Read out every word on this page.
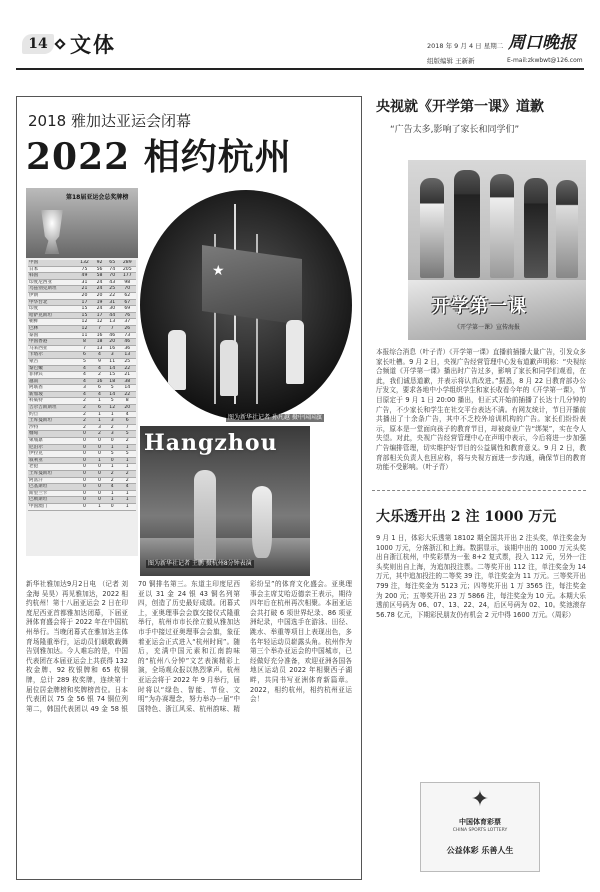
14 文体	2018 年 9 月 4 日 星期二 周口晚报
组版编辑 王新新	E-mail:zkwbwt@126.com
2018 雅加达亚运会闭幕
2022 相约杭州
第18届亚运会总奖牌榜
中国	132	92	65	289
日本	75	56	74	205
韩国	49	58	70	177
印度尼西亚	31	24	43	98
乌兹别克斯坦	21	24	25	70
伊朗	20	20	22	62
中华台北	17	19	31	67
印度	15	24	30	69
哈萨克斯坦	15	17	44	76
朝鲜	12	12	13	37
巴林	12	7	7	26
泰国	11	16	46	73
中国香港	8	18	20	46
马来西亚	7	13	16	36
卡塔尔	6	4	3	13
蒙古	5	9	11	25
黎巴嫩	4	4	14	22
菲律宾	4	2	15	21
越南	4	16	18	38
阿联酋	3	6	5	14
新加坡	4	4	14	22
科威特	2	1	5	8
吉尔吉斯斯坦	2	6	12	20
约旦	2	1	1	4
土库曼斯坦	2	1	3	6
沙特	2	3	2	7
缅甸	0	2	3	5
柬埔寨	0	0	0	2
尼泊尔	0	0	1	1
伊拉克	0	0	5	5
叙利亚	0	1	0	1
老挝	0	0	1	1
土库曼斯坦	0	0	2	2
阿富汗	0	0	2	2
巴基斯坦	0	0	4	4
斯里兰卡	0	0	1	1
巴勒斯坦	0	0	1	1
中国澳门	0	1	0	1
★
图为新华社记者 孙凡越 摄中国国旗
Hangzhou
图为新华社记者 王鹏 摄杭州8分钟表演
新华社雅加达9月2日电 （记者 刘金海 吴昊）再见雅加达，2022 相约杭州！第十八届亚运会 2 日在印度尼西亚首都雅加达闭幕，下届亚洲体育盛会将于 2022 年在中国杭州举行。当晚闭幕式在雅加达主体育场隆重举行，运动员们载歌载舞告别雅加达。今人难忘的是，中国代表团在本届亚运会上共获得 132 枚金牌、92 枚银牌和 65 枚铜牌，总计 289 枚奖牌，连续第十届位居金牌榜和奖牌榜首位。日本代表团以 75 金 56 银 74 铜位列第二，韩国代表团以 49 金 58 银 70 铜排名第三。东道主印度尼西亚以 31 金 24 银 43 铜名列第四，创造了历史最好成绩。闭幕式上，亚奥理事会会旗交接仪式隆重举行，杭州市市长徐立毅从雅加达市手中接过亚奥理事会会旗，象征着亚运会正式进入“杭州时间”。随后，充满中国元素和江南韵味的“杭州八分钟”文艺表演精彩上演，全场观众报以热烈掌声。杭州亚运会将于 2022 年 9 月举行，届时将以“绿色、智能、节俭、文明”为办赛理念，努力举办一届“中国特色、浙江风采、杭州韵味、精彩纷呈”的体育文化盛会。亚奥理事会主席艾哈迈德亲王表示，期待四年后在杭州再次相聚。本届亚运会共打破 6 项世界纪录、86 项亚洲纪录，中国选手在游泳、田径、跳水、举重等项目上表现出色，多名年轻运动员崭露头角。杭州作为第三个举办亚运会的中国城市，已经做好充分准备，欢迎亚洲各国各地区运动员 2022 年相聚西子湖畔，共同书写亚洲体育新篇章。2022，相约杭州，相约杭州亚运会！
央视就《开学第一课》道歉
“广告太多,影响了家长和同学们”
开学第一课
《开学第一课》宣传海报
本报综合消息（叶子青）《开学第一课》直播前插播大量广告，引发众多家长吐槽。9 月 2 日，央视广告经营管理中心发布道歉声明称：“央视综合频道《开学第一课》播出时广告过多，影响了家长和同学们观看，在此，我们诚恳道歉，并表示将认真改进。”据悉，8 月 22 日教育部办公厅发文，要求各地中小学组织学生和家长收看今年的《开学第一课》，节目原定于 9 月 1 日 20:00 播出，但正式开始前插播了长达十几分钟的广告，不少家长和学生在社交平台表达不满。有网友统计，节目开播前共播出了十余条广告，其中不乏校外培训机构的广告。家长们纷纷表示，原本是一堂面向孩子的教育节目，却被商业广告“绑架”，实在令人失望。对此，央视广告经营管理中心在声明中表示，今后将进一步加强广告编排管理，切实维护好节目的公益属性和教育意义。9 月 2 日，教育部相关负责人也回应称，将与央视方面进一步沟通，确保节目的教育功能不受影响。（叶子青）
大乐透开出 2 注 1000 万元
9 月 1 日，体彩大乐透第 18102 期全国共开出 2 注头奖，单注奖金为 1000 万元，分落浙江和上海。数据显示，该期中出的 1000 万元头奖出自浙江杭州，中奖彩票为一张 8+2 复式票，投入 112 元，另外一注头奖则出自上海，为追加投注票。二等奖开出 112 注，单注奖金为 14 万元，其中追加投注的二等奖 39 注，单注奖金为 11 万元。三等奖开出 799 注，每注奖金为 5123 元；四等奖开出 1 万 3565 注，每注奖金为 200 元；五等奖开出 23 万 5866 注，每注奖金为 10 元。本期大乐透前区号码为 06、07、13、22、24，后区号码为 02、10。奖池滚存 56.78 亿元，下期彩民朋友仍有机会 2 元中得 1600 万元。（周彩）
✦
中国体育彩票
CHINA SPORTS LOTTERY
公益体彩 乐善人生
